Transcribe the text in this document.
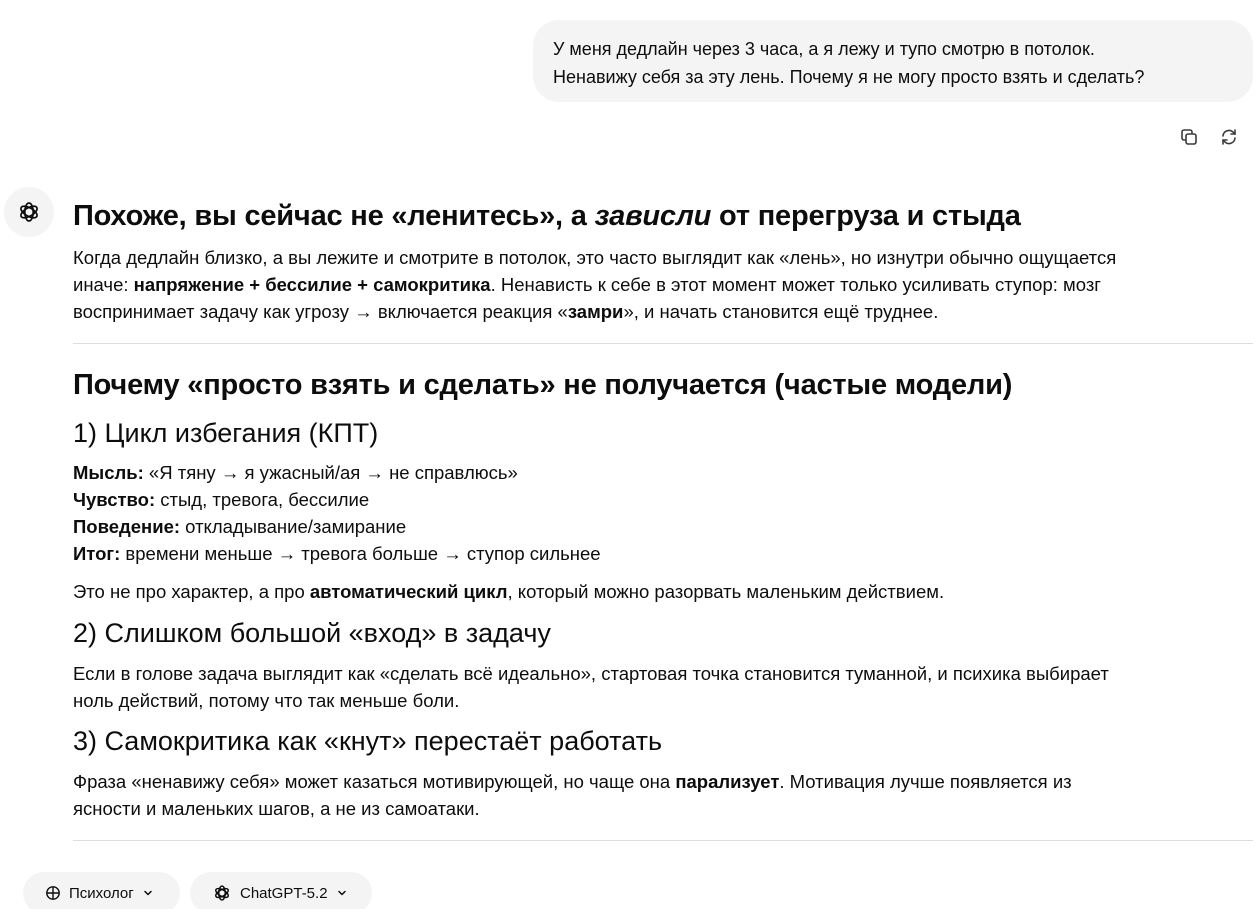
У меня дедлайн через 3 часа, а я лежу и тупо смотрю в потолок.
Ненавижу себя за эту лень. Почему я не могу просто взять и сделать?
Похоже, вы сейчас не «ленитесь», а зависли от перегруза и стыда
Когда дедлайн близко, а вы лежите и смотрите в потолок, это часто выглядит как «лень», но изнутри обычно ощущается
иначе: напряжение + бессилие + самокритика. Ненависть к себе в этот момент может только усиливать ступор: мозг
воспринимает задачу как угрозу → включается реакция «замри», и начать становится ещё труднее.
Почему «просто взять и сделать» не получается (частые модели)
1) Цикл избегания (КПТ)
Мысль: «Я тяну → я ужасный/ая → не справлюсь»
Чувство: стыд, тревога, бессилие
Поведение: откладывание/замирание
Итог: времени меньше → тревога больше → ступор сильнее
Это не про характер, а про автоматический цикл, который можно разорвать маленьким действием.
2) Слишком большой «вход» в задачу
Если в голове задача выглядит как «сделать всё идеально», стартовая точка становится туманной, и психика выбирает
ноль действий, потому что так меньше боли.
3) Самокритика как «кнут» перестаёт работать
Фраза «ненавижу себя» может казаться мотивирующей, но чаще она парализует. Мотивация лучше появляется из
ясности и маленьких шагов, а не из самоатаки.
Психолог	ChatGPT-5.2
